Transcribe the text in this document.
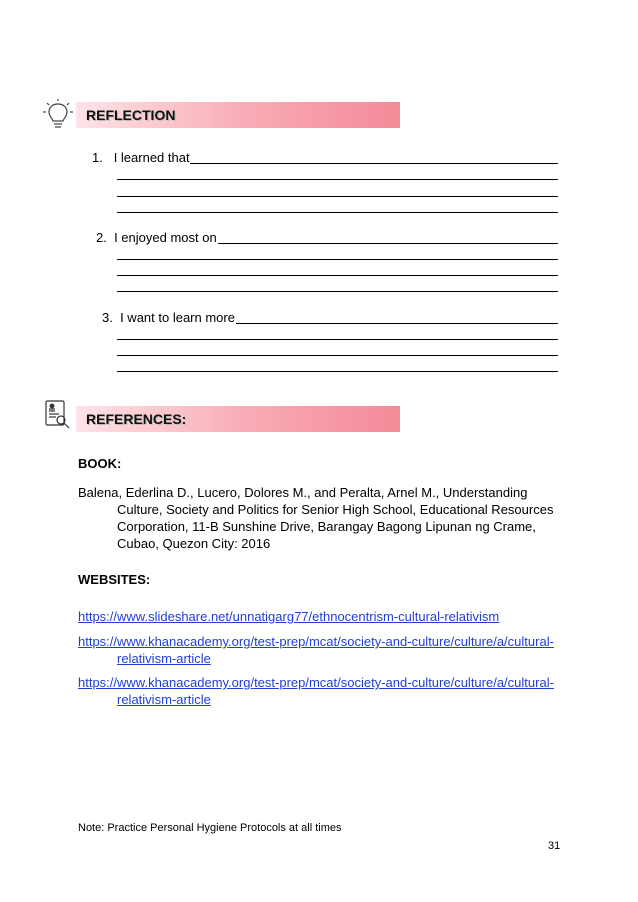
REFLECTION
1. I learned that
2. I enjoyed most on
3. I want to learn more
REFERENCES:
BOOK:
Balena, Ederlina D., Lucero, Dolores M., and Peralta, Arnel M., Understanding
Culture, Society and Politics for Senior High School, Educational Resources
Corporation, 11-B Sunshine Drive, Barangay Bagong Lipunan ng Crame,
Cubao, Quezon City: 2016
WEBSITES:
https://www.slideshare.net/unnatigarg77/ethnocentrism-cultural-relativism
https://www.khanacademy.org/test-prep/mcat/society-and-culture/culture/a/cultural-
relativism-article
https://www.khanacademy.org/test-prep/mcat/society-and-culture/culture/a/cultural-
relativism-article
Note: Practice Personal Hygiene Protocols at all times
31
